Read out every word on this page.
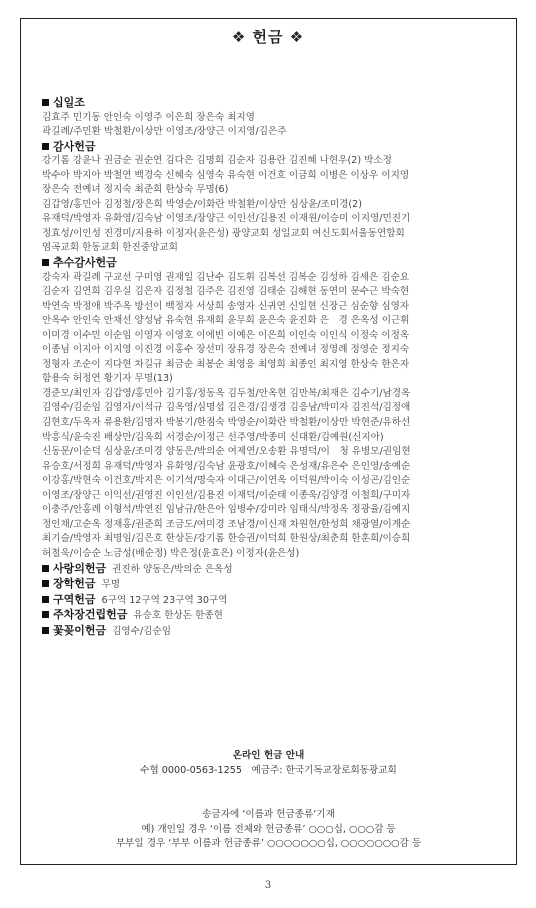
❖ 헌금 ❖
십일조
김효주 민기동 안인숙 이영주 이은희 장은숙 최지영
곽길례/주민환 박철환/이상만 이영조/장양근 이지영/김은주
감사헌금
강기롬 강윤나 권금순 권순연 김다은 김명희 김순자 김용란 김진혜 나현우(2) 박소정
박수아 박지아 박철연 백경숙 신혜숙 심영숙 유숙현 이건호 이금희 이병은 이상우 이지영
장은숙 전예녀 정지숙 최준희 한상숙 무명(6)
김갑영/홍민아 김정철/장은희 박영순/이화란 박철환/이상만 심상윤/조미경(2)
유재덕/박영자 유화영/김숙남 이영조/장양근 이인선/김용진 이재원/이승미 이지영/민진기
정효성/이인성 진경미/지용하 이정자(윤은성) 광양교회 성일교회 여신도회서울동연합회
염곡교회 한동교회 한진중앙교회
추수감사헌금
강숙자 곽길례 구교선 구미영 권재일 김난수 김도휘 김복선 김복순 김성하 김세은 김순요
김순자 김연희 김우실 김은자 김정철 김주은 김진영 김태순 김해현 동연미 문수근 박숙현
박연숙 박정애 박주옥 방선이 백정자 서상희 송영자 신귀연 신일현 신장근 심순향 심영자
안옥수 안인숙 안채선 양성남 유숙현 유재희 윤무희 윤은숙 윤진화 은　경 은옥성 이근휘
이미경 이수민 이순임 이영자 이영호 이에빈 이예은 이은희 이인숙 이인식 이정숙 이정옥
이종님 이지아 이지영 이진경 이홍수 장선미 장유경 장은숙 전예녀 정영례 정영순 정지숙
정형자 조순이 지다현 차길규 최금순 최봉순 최영응 최영희 최종인 최지영 한상숙 한은자
함용숙 허정연 황기자 무명(13)
경준모/최인자 김갑영/홍민아 김기홍/정동옥 김두철/안옥현 김만복/최재은 김수기/남경옥
김영수/김순임 김영자/이석규 김옥영/심명섭 김은경/김생경 김응남/박미자 김진석/김정애
김현호/두옥자 류용환/김명자 박봉기/한점숙 박영순/이화란 박철환/이상만 박현준/유하선
박흥식/윤숙진 배상만/김욱희 서경순/이정근 선주영/박종미 신대환/김예원(신지아)
신동문/이순덕 심상윤/조미경 양동은/박의순 여제연/오송환 유명덕/이　청 유병모/권임현
유승호/서정희 유재덕/박영자 유화영/김숙남 윤광호/이혜숙 은성재/유은수 은인영/송예순
이강홍/박현숙 이건호/박지은 이기석/명숙자 이대근/이연옥 이덕원/박이숙 이성곤/김인순
이영조/장양근 이익선/권영진 이인선/김용진 이재덕/이순태 이종욱/김양경 이철희/구미자
이충주/안홍례 이형석/박연진 임남규/한은아 임병수/강미라 임태식/박정옥 정광율/김예지
정인채/고순옥 정재홍/권준희 조금도/여미경 조남경/이신재 차원현/한성희 채광열/이계순
최기슬/박영자 최명임/김은호 한상돈/강기롬 한승권/이덕희 한원상/최춘희 한훈희/이승희
허철욱/이승순 노금성(배순정) 박은정(윤효은) 이정자(윤은성)
사랑의헌금 권진하 양동은/박의순 은옥성
장학헌금 무명
구역헌금 6구역 12구역 23구역 30구역
주차장건립헌금 유승호 한상돈 한종현
꽃꽂이헌금 김영수/김순임
온라인 헌금 안내
수협 0000-0563-1255　예금주: 한국기독교장로회동광교회
송금자에 ‘이름과 헌금종류’기재
예) 개인일 경우 ‘이름 전체와 헌금종류’ ○○○십, ○○○감 등
부부일 경우 ‘부부 이름과 헌금종류’ ○○○○○○○십, ○○○○○○○감 등
3
